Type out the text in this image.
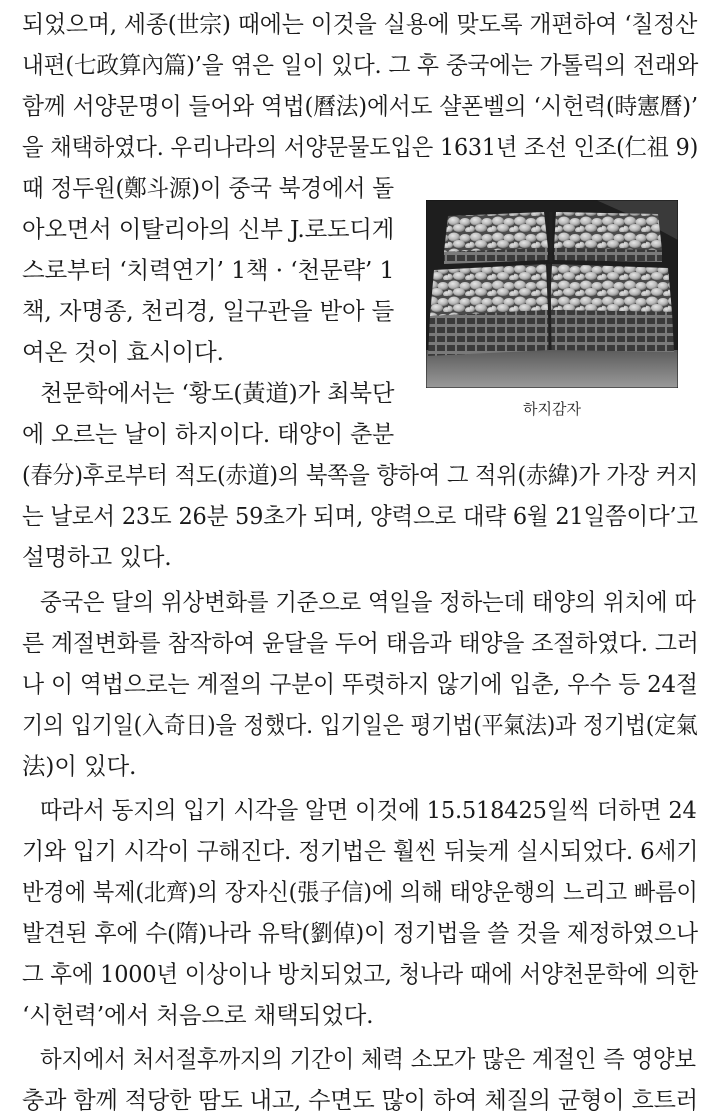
되었으며, 세종(世宗) 때에는 이것을 실용에 맞도록 개편하여 ‘칠정산
내편(七政算內篇)’을 엮은 일이 있다. 그 후 중국에는 가톨릭의 전래와
함께 서양문명이 들어와 역법(曆法)에서도 샬폰벨의 ‘시헌력(時憲曆)’
을 채택하였다. 우리나라의 서양문물도입은 1631년 조선 인조(仁祖 9)
때 정두원(鄭斗源)이 중국 북경에서 돌
아오면서 이탈리아의 신부 J.로도디게
스로부터 ‘치력연기’ 1책 · ‘천문략’ 1
책, 자명종, 천리경, 일구관을 받아 들
여온 것이 효시이다.
천문학에서는 ‘황도(黃道)가 최북단
에 오르는 날이 하지이다. 태양이 춘분
(春分)후로부터 적도(赤道)의 북쪽을 향하여 그 적위(赤緯)가 가장 커지
는 날로서 23도 26분 59초가 되며, 양력으로 대략 6월 21일쯤이다’고
설명하고 있다.
중국은 달의 위상변화를 기준으로 역일을 정하는데 태양의 위치에 따
른 계절변화를 참작하여 윤달을 두어 태음과 태양을 조절하였다. 그러
나 이 역법으로는 계절의 구분이 뚜렷하지 않기에 입춘, 우수 등 24절
기의 입기일(入奇日)을 정했다. 입기일은 평기법(平氣法)과 정기법(定氣
法)이 있다.
따라서 동지의 입기 시각을 알면 이것에 15.518425일씩 더하면 24
기와 입기 시각이 구해진다. 정기법은 훨씬 뒤늦게 실시되었다. 6세기
반경에 북제(北齊)의 장자신(張子信)에 의해 태양운행의 느리고 빠름이
발견된 후에 수(隋)나라 유탁(劉倬)이 정기법을 쓸 것을 제정하였으나
그 후에 1000년 이상이나 방치되었고, 청나라 때에 서양천문학에 의한
‘시헌력’에서 처음으로 채택되었다.
하지에서 처서절후까지의 기간이 체력 소모가 많은 계절인 즉 영양보
충과 함께 적당한 땀도 내고, 수면도 많이 하여 체질의 균형이 흐트러
하지감자
